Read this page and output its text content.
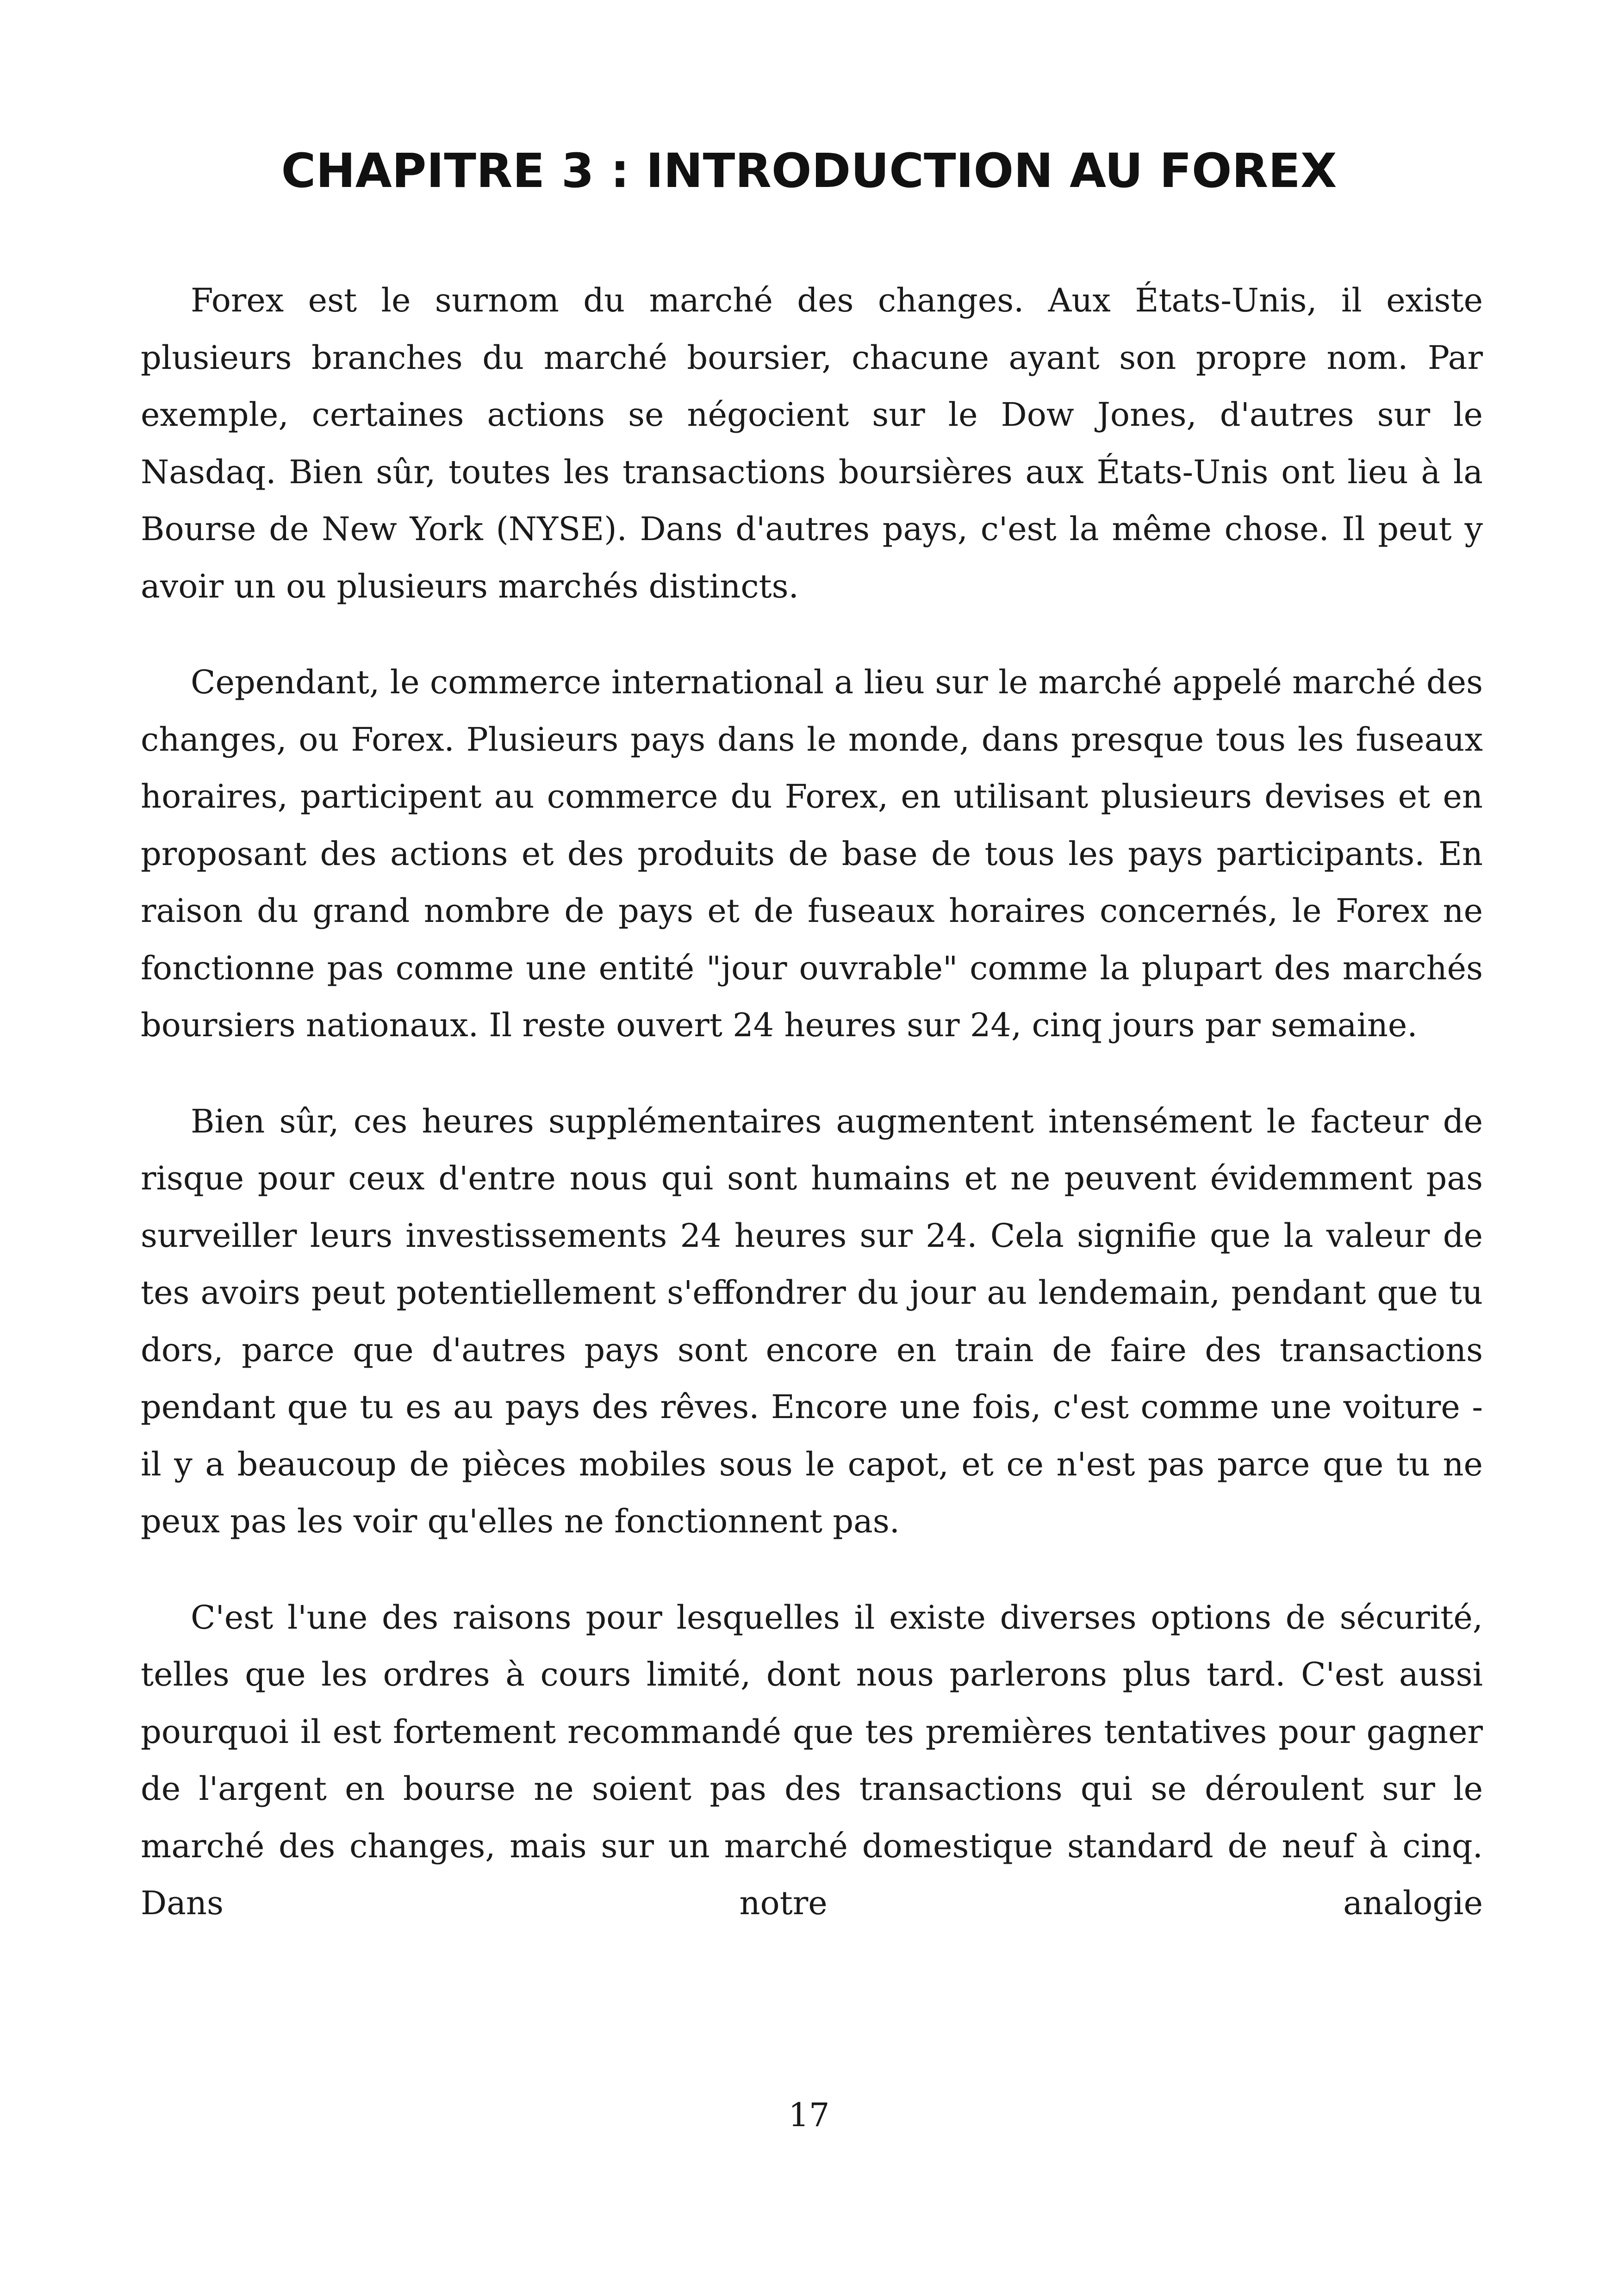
CHAPITRE 3 : INTRODUCTION AU FOREX

Forex est le surnom du marché des changes. Aux États-Unis, il existe plusieurs branches du marché boursier, chacune ayant son propre nom. Par exemple, certaines actions se négocient sur le Dow Jones, d'autres sur le Nasdaq. Bien sûr, toutes les transactions boursières aux États-Unis ont lieu à la Bourse de New York (NYSE). Dans d'autres pays, c'est la même chose. Il peut y avoir un ou plusieurs marchés distincts.

Cependant, le commerce international a lieu sur le marché appelé marché des changes, ou Forex. Plusieurs pays dans le monde, dans presque tous les fuseaux horaires, participent au commerce du Forex, en utilisant plusieurs devises et en proposant des actions et des produits de base de tous les pays participants. En raison du grand nombre de pays et de fuseaux horaires concernés, le Forex ne fonctionne pas comme une entité "jour ouvrable" comme la plupart des marchés boursiers nationaux. Il reste ouvert 24 heures sur 24, cinq jours par semaine.

Bien sûr, ces heures supplémentaires augmentent intensément le facteur de risque pour ceux d'entre nous qui sont humains et ne peuvent évidemment pas surveiller leurs investissements 24 heures sur 24. Cela signifie que la valeur de tes avoirs peut potentiellement s'effondrer du jour au lendemain, pendant que tu dors, parce que d'autres pays sont encore en train de faire des transactions pendant que tu es au pays des rêves. Encore une fois, c'est comme une voiture - il y a beaucoup de pièces mobiles sous le capot, et ce n'est pas parce que tu ne peux pas les voir qu'elles ne fonctionnent pas.

C'est l'une des raisons pour lesquelles il existe diverses options de sécurité, telles que les ordres à cours limité, dont nous parlerons plus tard. C'est aussi pourquoi il est fortement recommandé que tes premières tentatives pour gagner de l'argent en bourse ne soient pas des transactions qui se déroulent sur le marché des changes, mais sur un marché domestique standard de neuf à cinq. Dans notre analogie

17
